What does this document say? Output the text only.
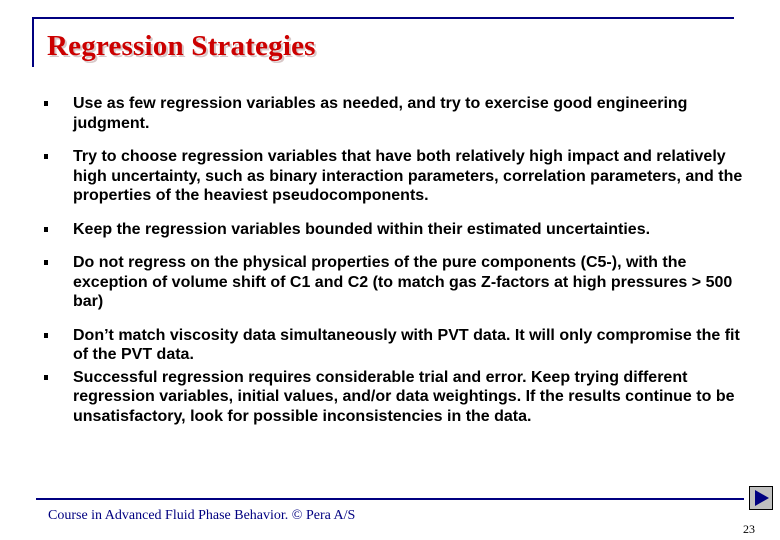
Regression Strategies
Use as few regression variables as needed, and try to exercise good engineering judgment.
Try to choose regression variables that have both relatively high impact and relatively high uncertainty, such as binary interaction parameters, correlation parameters, and the properties of the heaviest pseudocomponents.
Keep the regression variables bounded within their estimated uncertainties.
Do not regress on the physical properties of the pure components (C5-), with the exception of volume shift of C1 and C2 (to match gas Z-factors at high pressures > 500 bar)
Don’t match viscosity data simultaneously with PVT data. It will only compromise the fit of the PVT data.
Successful regression requires considerable trial and error. Keep trying different regression variables, initial values, and/or data weightings. If the results continue to be unsatisfactory, look for possible inconsistencies in the data.
Course in Advanced Fluid Phase Behavior. © Pera A/S
23
